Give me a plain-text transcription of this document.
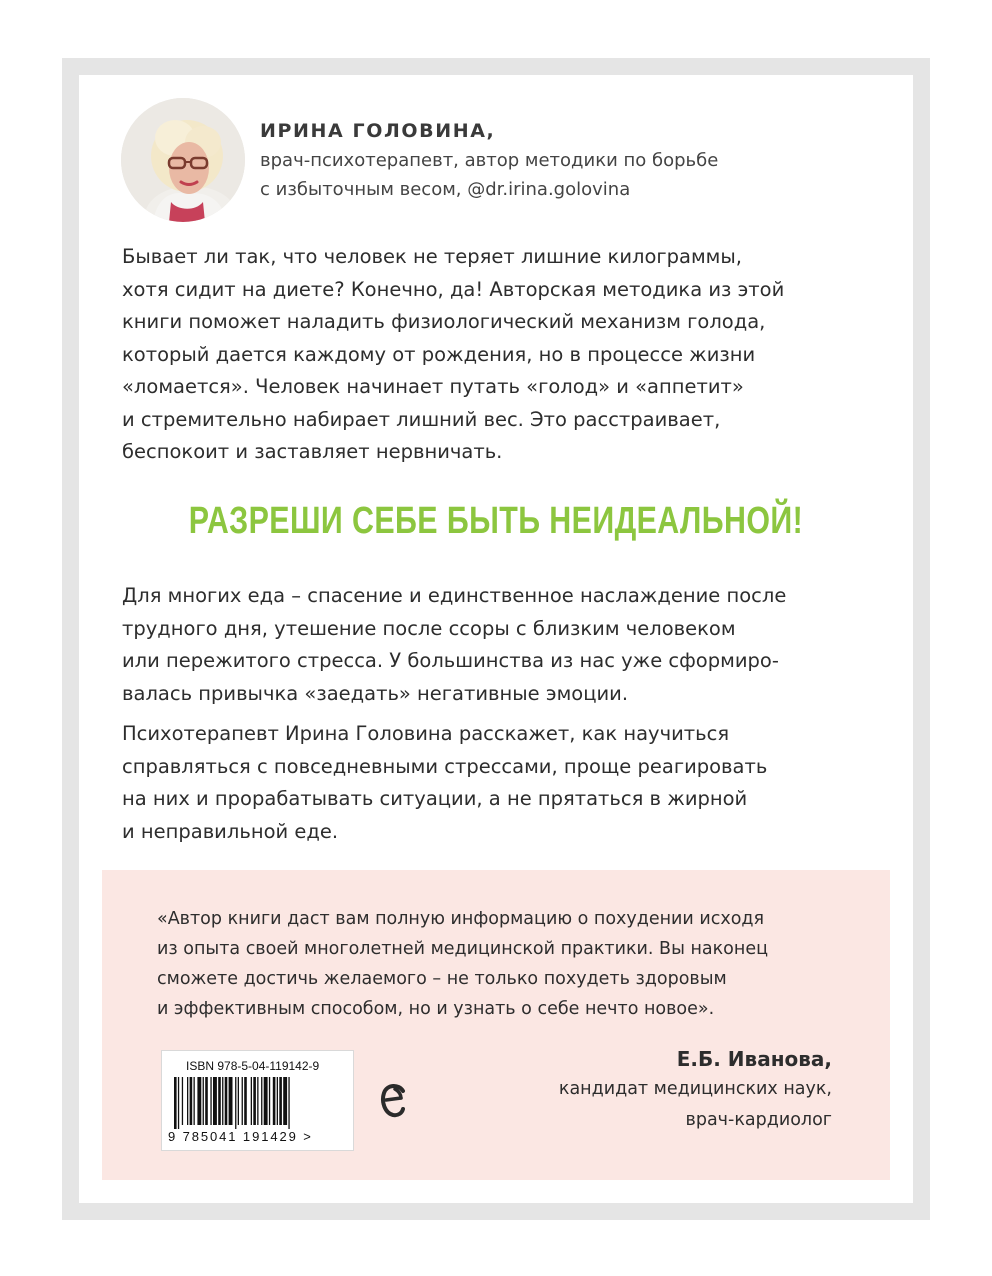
ИРИНА ГОЛОВИНА,
врач-психотерапевт, автор методики по борьбе
с избыточным весом, @dr.irina.golovina
Бывает ли так, что человек не теряет лишние килограммы,
хотя сидит на диете? Конечно, да! Авторская методика из этой
книги поможет наладить физиологический механизм голода,
который дается каждому от рождения, но в процессе жизни
«ломается». Человек начинает путать «голод» и «аппетит»
и стремительно набирает лишний вес. Это расстраивает,
беспокоит и заставляет нервничать.
РАЗРЕШИ СЕБЕ БЫТЬ НЕИДЕАЛЬНОЙ!
Для многих еда – спасение и единственное наслаждение после
трудного дня, утешение после ссоры с близким человеком
или пережитого стресса. У большинства из нас уже сформиро-
валась привычка «заедать» негативные эмоции.
Психотерапевт Ирина Головина расскажет, как научиться
справляться с повседневными стрессами, проще реагировать
на них и прорабатывать ситуации, а не прятаться в жирной
и неправильной еде.
«Автор книги даст вам полную информацию о похудении исходя
из опыта своей многолетней медицинской практики. Вы наконец
сможете достичь желаемого – не только похудеть здоровым
и эффективным способом, но и узнать о себе нечто новое».
ISBN 978-5-04-119142-9
9 785041 191429 >
Е.Б. Иванова,
кандидат медицинских наук,
врач-кардиолог
